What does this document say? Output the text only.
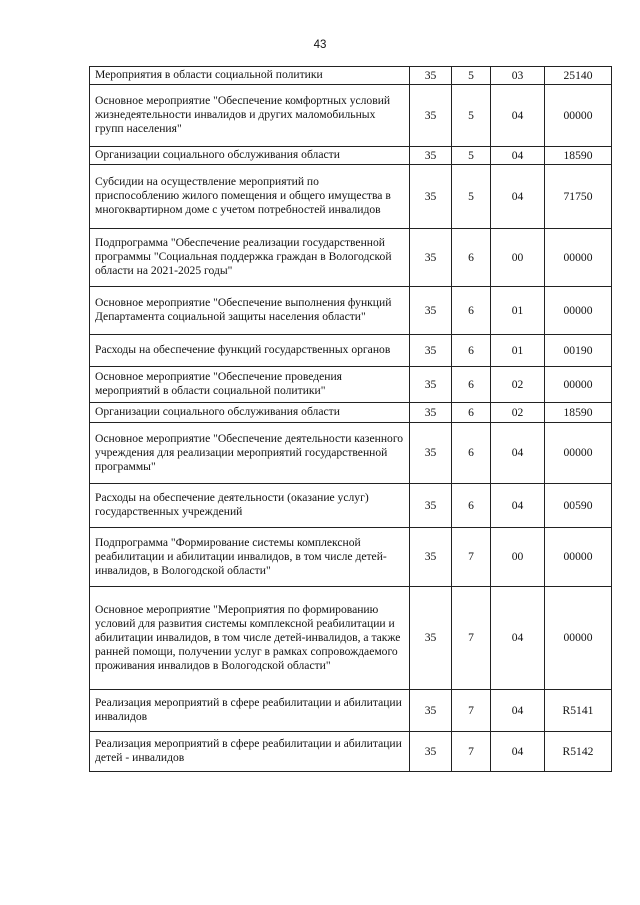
43
Мероприятия в области социальной политики	35	5	03	25140
Основное мероприятие "Обеспечение комфортных условий жизнедеятельности инвалидов и других маломобильных групп населения"	35	5	04	00000
Организации социального обслуживания области	35	5	04	18590
Субсидии на осуществление мероприятий по приспособлению жилого помещения и общего имущества в многоквартирном доме с учетом потребностей инвалидов	35	5	04	71750
Подпрограмма "Обеспечение реализации государственной программы "Социальная поддержка граждан в Вологодской области на 2021-2025 годы"	35	6	00	00000
Основное мероприятие "Обеспечение выполнения функций Департамента социальной защиты населения области"	35	6	01	00000
Расходы на обеспечение функций государственных органов	35	6	01	00190
Основное мероприятие "Обеспечение проведения мероприятий в области социальной политики"	35	6	02	00000
Организации социального обслуживания области	35	6	02	18590
Основное мероприятие "Обеспечение деятельности казенного учреждения для реализации мероприятий государственной программы"	35	6	04	00000
Расходы на обеспечение деятельности (оказание услуг) государственных учреждений	35	6	04	00590
Подпрограмма "Формирование системы комплексной реабилитации и абилитации инвалидов, в том числе детей-инвалидов, в Вологодской области"	35	7	00	00000
Основное мероприятие "Мероприятия по формированию условий для развития системы комплексной реабилитации и абилитации инвалидов, в том числе детей-инвалидов, а также ранней помощи, получении услуг в рамках сопровождаемого проживания инвалидов в Вологодской области"	35	7	04	00000
Реализация мероприятий в сфере реабилитации и абилитации инвалидов	35	7	04	R5141
Реализация мероприятий в сфере реабилитации и абилитации детей - инвалидов	35	7	04	R5142
